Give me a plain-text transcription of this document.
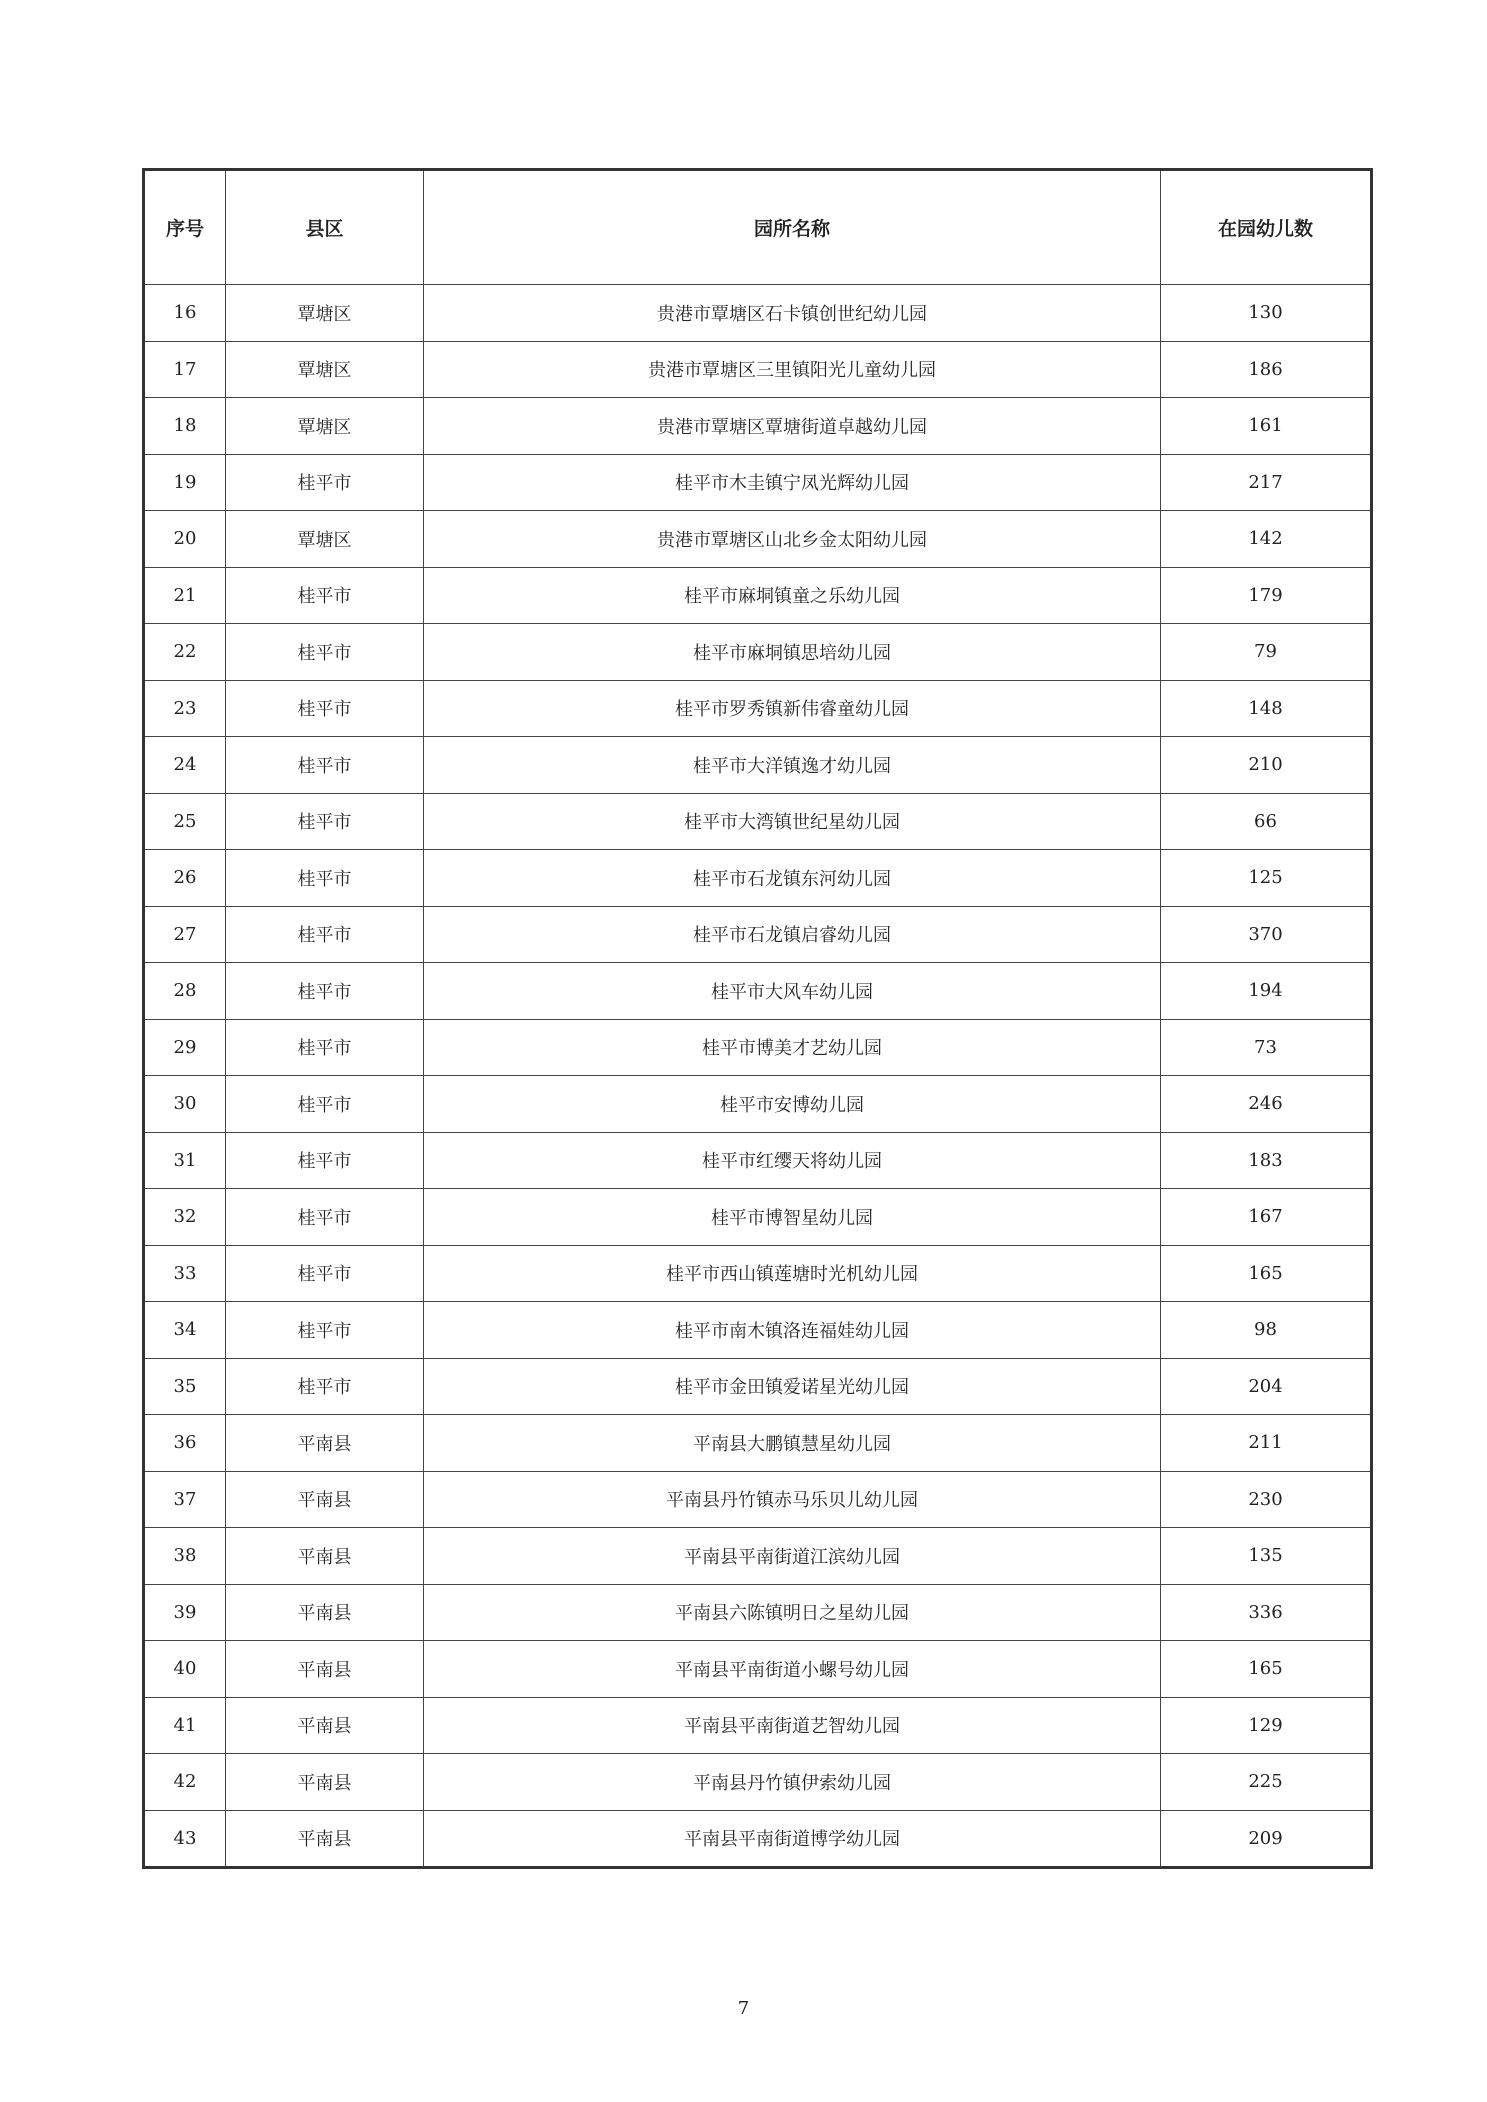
序号	县区	园所名称	在园幼儿数
16	覃塘区	贵港市覃塘区石卡镇创世纪幼儿园	130
17	覃塘区	贵港市覃塘区三里镇阳光儿童幼儿园	186
18	覃塘区	贵港市覃塘区覃塘街道卓越幼儿园	161
19	桂平市	桂平市木圭镇宁凤光辉幼儿园	217
20	覃塘区	贵港市覃塘区山北乡金太阳幼儿园	142
21	桂平市	桂平市麻垌镇童之乐幼儿园	179
22	桂平市	桂平市麻垌镇思培幼儿园	79
23	桂平市	桂平市罗秀镇新伟睿童幼儿园	148
24	桂平市	桂平市大洋镇逸才幼儿园	210
25	桂平市	桂平市大湾镇世纪星幼儿园	66
26	桂平市	桂平市石龙镇东河幼儿园	125
27	桂平市	桂平市石龙镇启睿幼儿园	370
28	桂平市	桂平市大风车幼儿园	194
29	桂平市	桂平市博美才艺幼儿园	73
30	桂平市	桂平市安博幼儿园	246
31	桂平市	桂平市红缨天将幼儿园	183
32	桂平市	桂平市博智星幼儿园	167
33	桂平市	桂平市西山镇莲塘时光机幼儿园	165
34	桂平市	桂平市南木镇洛连福娃幼儿园	98
35	桂平市	桂平市金田镇爱诺星光幼儿园	204
36	平南县	平南县大鹏镇慧星幼儿园	211
37	平南县	平南县丹竹镇赤马乐贝儿幼儿园	230
38	平南县	平南县平南街道江滨幼儿园	135
39	平南县	平南县六陈镇明日之星幼儿园	336
40	平南县	平南县平南街道小螺号幼儿园	165
41	平南县	平南县平南街道艺智幼儿园	129
42	平南县	平南县丹竹镇伊索幼儿园	225
43	平南县	平南县平南街道博学幼儿园	209
7
